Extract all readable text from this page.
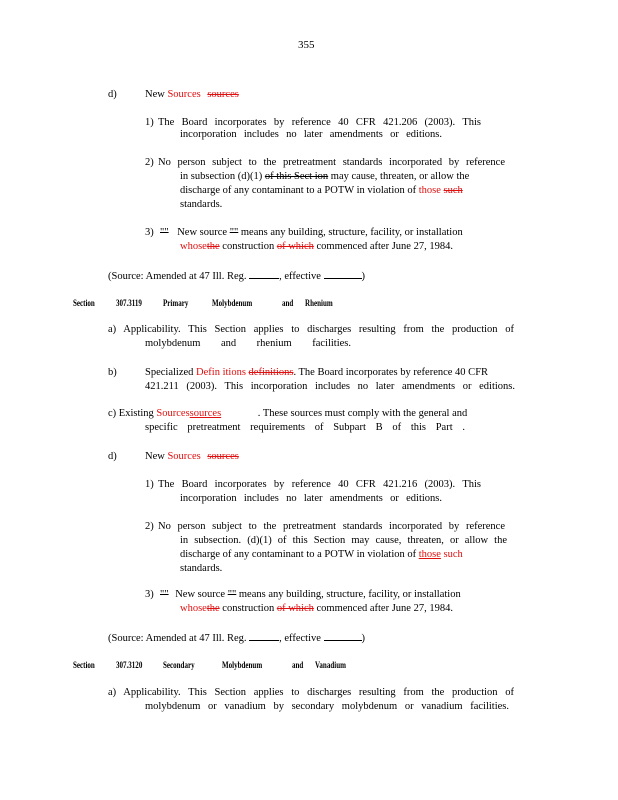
355
d)	New Sources sources
1) The Board incorporates by reference 40 CFR 421.206 (2003). This
incorporation includes no later amendments or editions.
2) No person subject to the pretreatment standards incorporated by reference
in subsection (d)(1) of this Sect ion may cause, threaten, or allow the
discharge of any contaminant to a POTW in violation of those such
standards.
3) "" New source "" means any building, structure, facility, or installation
whosethe construction of which commenced after June 27, 1984.
(Source: Amended at 47 Ill. Reg.	, effective	)
Section 307.3119 Primary	Molybdenum	and Rhenium
a) Applicability. This Section applies to discharges resulting from the production of
molybdenum and rhenium facilities.
b)	Specialized Defin itions definitions. The Board incorporates by reference 40 CFR
421.211 (2003). This incorporation includes no later amendments or editions.
c) Existing Sourcessources	. These sources must comply with the general and
specific pretreatment requirements of Subpart B of this Part .
d)	New Sources sources
1) The Board incorporates by reference 40 CFR 421.216 (2003). This
incorporation includes no later amendments or editions.
2) No person subject to the pretreatment standards incorporated by reference
in subsection. (d)(1) of this Section may cause, threaten, or allow the
discharge of any contaminant to a POTW in violation of those such
standards.
3) "" New source "" means any building, structure, facility, or installation
whosethe construction of which commenced after June 27, 1984.
(Source: Amended at 47 Ill. Reg.	, effective	)
Section 307.3120 Secondary	Molybdenum	and Vanadium
a) Applicability. This Section applies to discharges resulting from the production of
molybdenum or vanadium by secondary molybdenum or vanadium facilities.
